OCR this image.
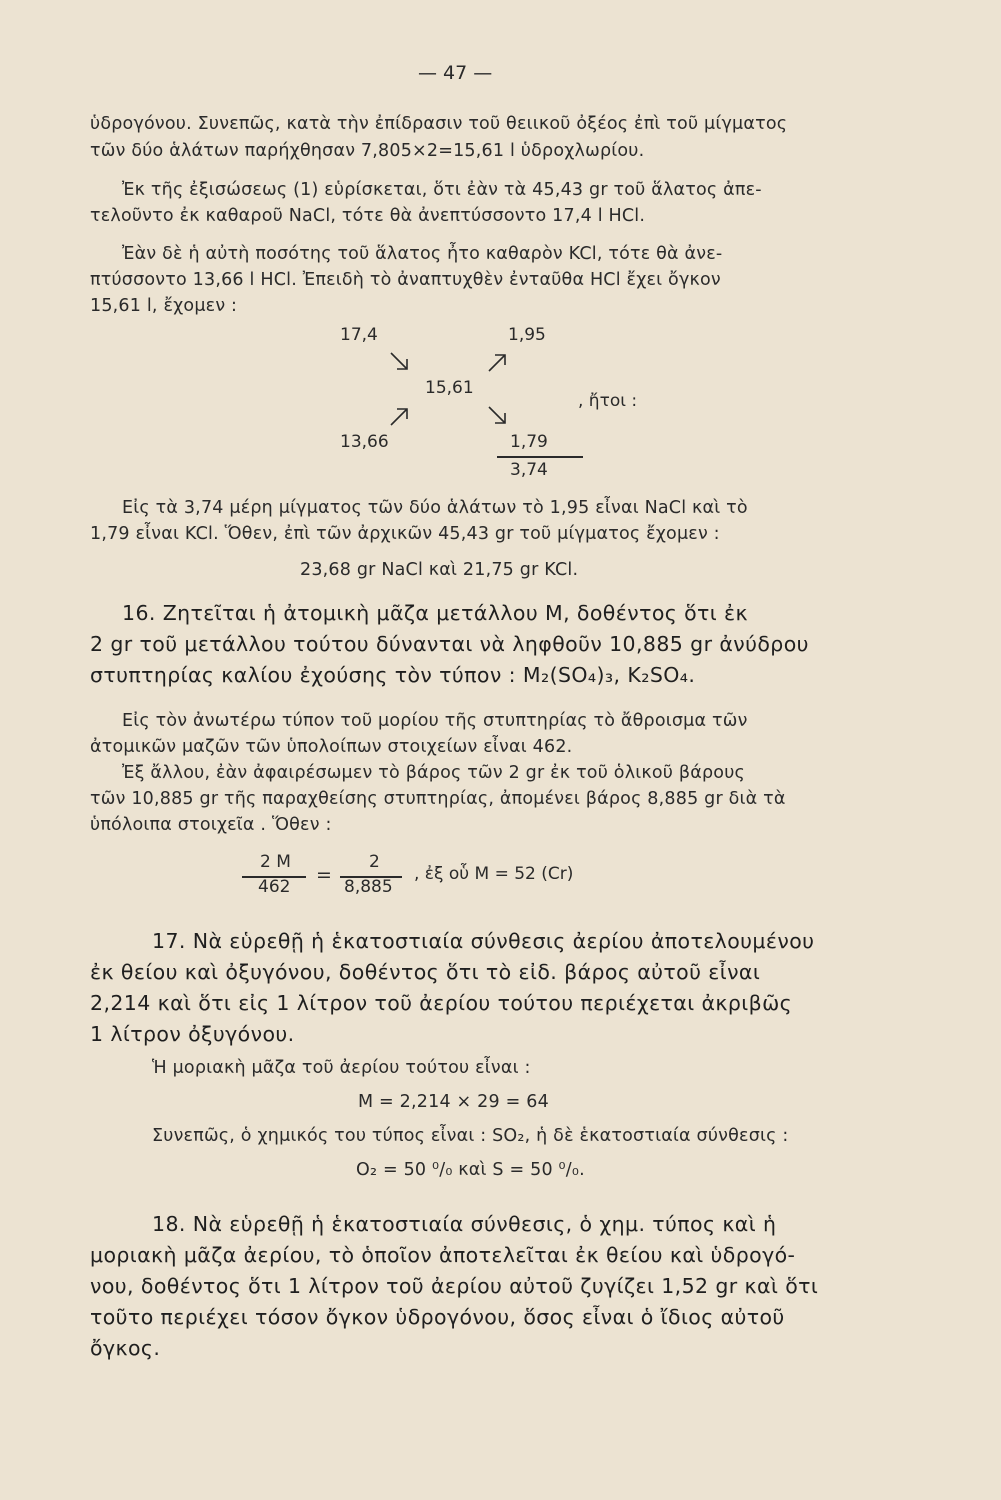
— 47 —

ὑδρογόνου. Συνεπῶς, κατὰ τὴν ἐπίδρασιν τοῦ θειικοῦ ὀξέος ἐπὶ τοῦ μίγματος

τῶν δύο ἁλάτων παρήχθησαν 7,805×2=15,61 l ὑδροχλωρίου.

Ἐκ τῆς ἐξισώσεως (1) εὑρίσκεται, ὅτι ἐὰν τὰ 45,43 gr τοῦ ἅλατος ἀπε-

τελοῦντο ἐκ καθαροῦ NaCl, τότε θὰ ἀνεπτύσσοντο 17,4 l HCl.

Ἐὰν δὲ ἡ αὐτὴ ποσότης τοῦ ἅλατος ἦτο καθαρὸν KCl, τότε θὰ ἀνε-

πτύσσοντο 13,66 l HCl. Ἐπειδὴ τὸ ἀναπτυχθὲν ἐνταῦθα HCl ἔχει ὄγκον

15,61 l, ἔχομεν :

17,4	1,95

15,61

, ἤτοι :

13,66	1,79

3,74

Εἰς τὰ 3,74 μέρη μίγματος τῶν δύο ἁλάτων τὸ 1,95 εἶναι NaCl καὶ τὸ

1,79 εἶναι KCl. Ὅθεν, ἐπὶ τῶν ἀρχικῶν 45,43 gr τοῦ μίγματος ἔχομεν :

23,68 gr NaCl καὶ 21,75 gr KCl.

16. Ζητεῖται ἡ ἀτομικὴ μᾶζα μετάλλου Μ, δοθέντος ὅτι ἐκ

2 gr τοῦ μετάλλου τούτου δύνανται νὰ ληφθοῦν 10,885 gr ἀνύδρου

στυπτηρίας καλίου ἐχούσης τὸν τύπον : M₂(SO₄)₃, K₂SO₄.

Εἰς τὸν ἀνωτέρω τύπον τοῦ μορίου τῆς στυπτηρίας τὸ ἄθροισμα τῶν

ἀτομικῶν μαζῶν τῶν ὑπολοίπων στοιχείων εἶναι 462.

Ἐξ ἄλλου, ἐὰν ἀφαιρέσωμεν τὸ βάρος τῶν 2 gr ἐκ τοῦ ὁλικοῦ βάρους

τῶν 10,885 gr τῆς παραχθείσης στυπτηρίας, ἀπομένει βάρος 8,885 gr διὰ τὰ

ὑπόλοιπα στοιχεῖα . Ὅθεν :

2 M

462

=

2

8,885

, ἐξ οὗ M = 52 (Cr)

17. Νὰ εὑρεθῇ ἡ ἑκατοστιαία σύνθεσις ἀερίου ἀποτελουμένου

ἐκ θείου καὶ ὀξυγόνου, δοθέντος ὅτι τὸ εἰδ. βάρος αὐτοῦ εἶναι

2,214 καὶ ὅτι εἰς 1 λίτρον τοῦ ἀερίου τούτου περιέχεται ἀκριβῶς

1 λίτρον ὀξυγόνου.

Ἡ μοριακὴ μᾶζα τοῦ ἀερίου τούτου εἶναι :

M = 2,214 × 29 = 64

Συνεπῶς, ὁ χημικός του τύπος εἶναι : SO₂, ἡ δὲ ἑκατοστιαία σύνθεσις :

O₂ = 50 ⁰/₀ καὶ S = 50 ⁰/₀.

18. Νὰ εὑρεθῇ ἡ ἑκατοστιαία σύνθεσις, ὁ χημ. τύπος καὶ ἡ

μοριακὴ μᾶζα ἀερίου, τὸ ὁποῖον ἀποτελεῖται ἐκ θείου καὶ ὑδρογό-

νου, δοθέντος ὅτι 1 λίτρον τοῦ ἀερίου αὐτοῦ ζυγίζει 1,52 gr καὶ ὅτι

τοῦτο περιέχει τόσον ὄγκον ὑδρογόνου, ὅσος εἶναι ὁ ἴδιος αὐτοῦ

ὄγκος.
